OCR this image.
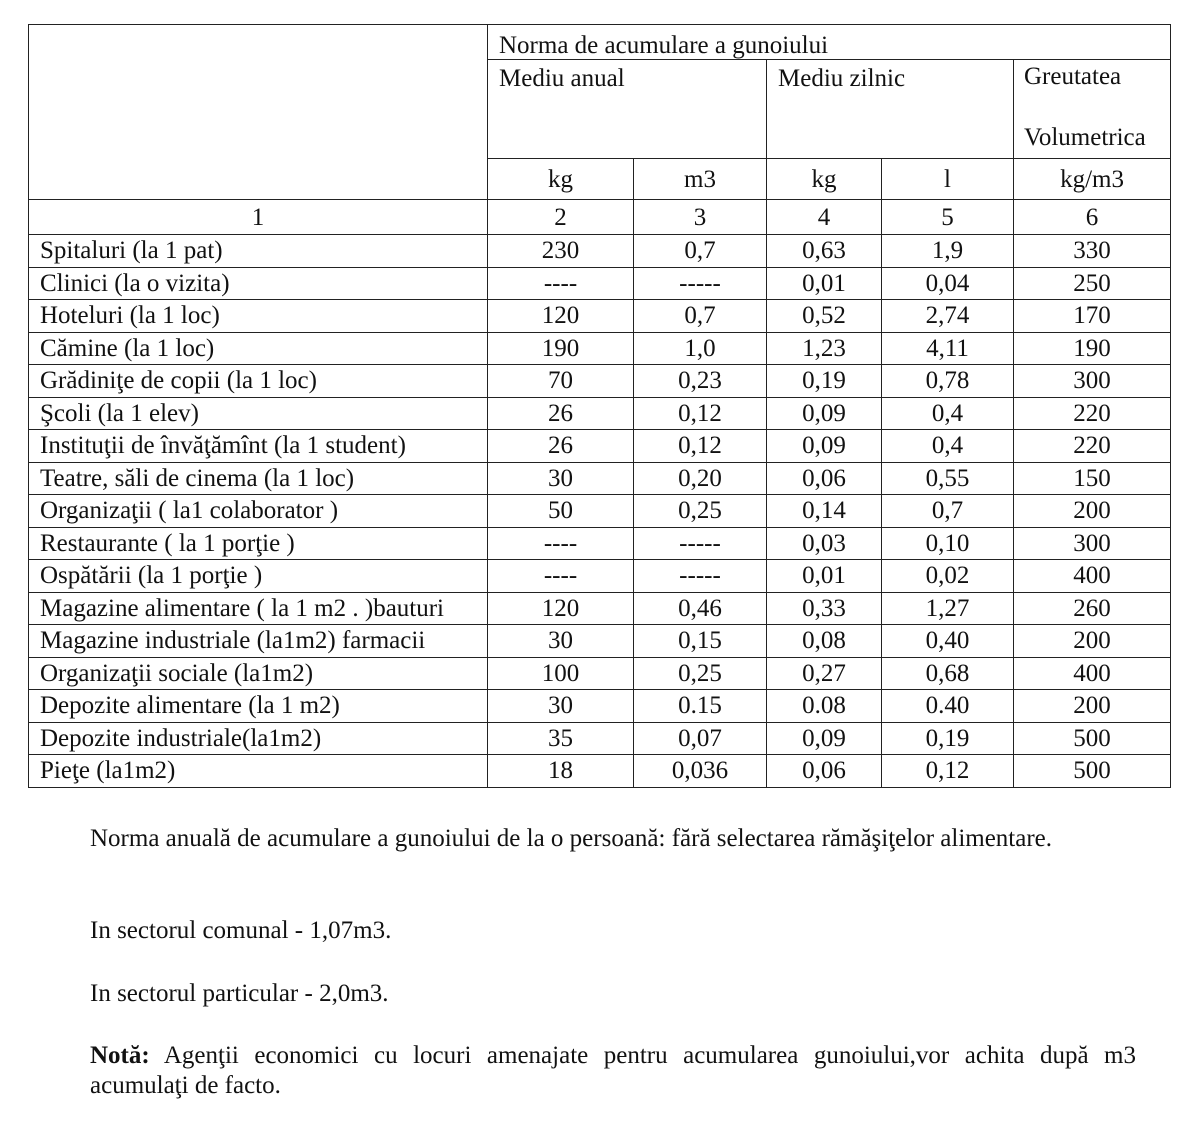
	Norma de acumulare a gunoiului				

	Mediu anual		Mediu zilnic		Greutatea
Volumetrica

	kg	m3	kg	l	kg/m3
1	2	3	4	5	6
Spitaluri (la 1 pat)	230	0,7	0,63	1,9	330
Clinici (la o vizita)	----	-----	0,01	0,04	250
Hoteluri (la 1 loc)	120	0,7	0,52	2,74	170
Cămine (la 1 loc)	190	1,0	1,23	4,11	190
Grădiniţe de copii (la 1 loc)	70	0,23	0,19	0,78	300
Şcoli (la 1 elev)	26	0,12	0,09	0,4	220
Instituţii de învăţămînt (la 1 student)	26	0,12	0,09	0,4	220
Teatre, săli de cinema (la 1 loc)	30	0,20	0,06	0,55	150
Organizaţii ( la1 colaborator )	50	0,25	0,14	0,7	200
Restaurante ( la 1 porţie )	----	-----	0,03	0,10	300
Ospătării (la 1 porţie )	----	-----	0,01	0,02	400
Magazine alimentare ( la 1 m2 . )bauturi	120	0,46	0,33	1,27	260
Magazine industriale (la1m2) farmacii	30	0,15	0,08	0,40	200
Organizaţii sociale (la1m2)	100	0,25	0,27	0,68	400
Depozite alimentare (la 1 m2)	30	0.15	0.08	0.40	200
Depozite industriale(la1m2)	35	0,07	0,09	0,19	500
Pieţe (la1m2)	18	0,036	0,06	0,12	500

Norma anuală de acumulare a gunoiului de la o persoană: fără selectarea rămăşiţelor alimentare.

In sectorul comunal - 1,07m3.

In sectorul particular - 2,0m3.

Notă: Agenţii economici cu locuri amenajate pentru acumularea gunoiului,vor achita după m3 acumulaţi de facto.
